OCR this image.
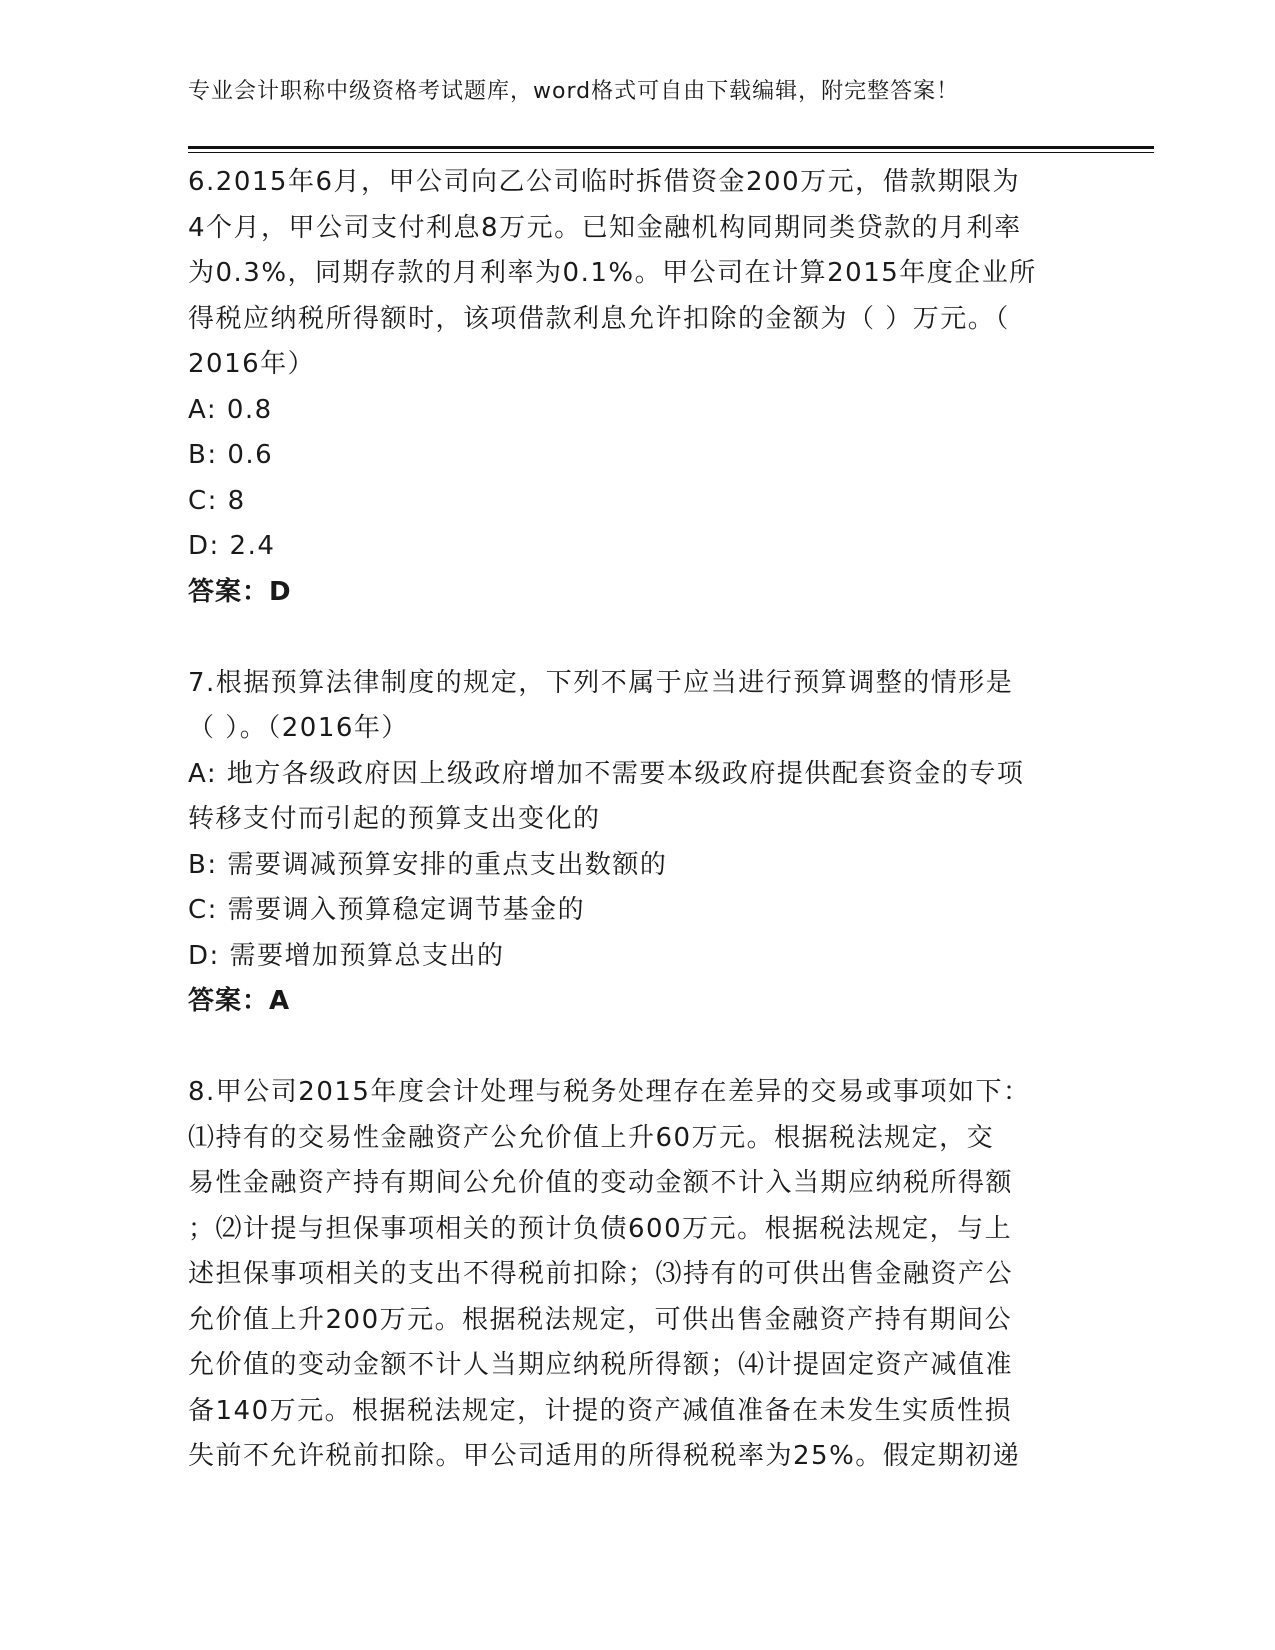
专业会计职称中级资格考试题库，word格式可自由下载编辑，附完整答案！
6.2015年6月，甲公司向乙公司临时拆借资金200万元，借款期限为
4个月，甲公司支付利息8万元。已知金融机构同期同类贷款的月利率
为0.3%，同期存款的月利率为0.1%。甲公司在计算2015年度企业所
得税应纳税所得额时，该项借款利息允许扣除的金额为（ ）万元。（
2016年）
A: 0.8
B: 0.6
C: 8
D: 2.4
答案：D
7.根据预算法律制度的规定，下列不属于应当进行预算调整的情形是
（ ）。（2016年）
A: 地方各级政府因上级政府增加不需要本级政府提供配套资金的专项
转移支付而引起的预算支出变化的
B: 需要调减预算安排的重点支出数额的
C: 需要调入预算稳定调节基金的
D: 需要增加预算总支出的
答案：A
8.甲公司2015年度会计处理与税务处理存在差异的交易或事项如下：
⑴持有的交易性金融资产公允价值上升60万元。根据税法规定，交
易性金融资产持有期间公允价值的变动金额不计入当期应纳税所得额
；⑵计提与担保事项相关的预计负债600万元。根据税法规定，与上
述担保事项相关的支出不得税前扣除；⑶持有的可供出售金融资产公
允价值上升200万元。根据税法规定，可供出售金融资产持有期间公
允价值的变动金额不计人当期应纳税所得额；⑷计提固定资产减值准
备140万元。根据税法规定，计提的资产减值准备在未发生实质性损
失前不允许税前扣除。甲公司适用的所得税税率为25%。假定期初递
